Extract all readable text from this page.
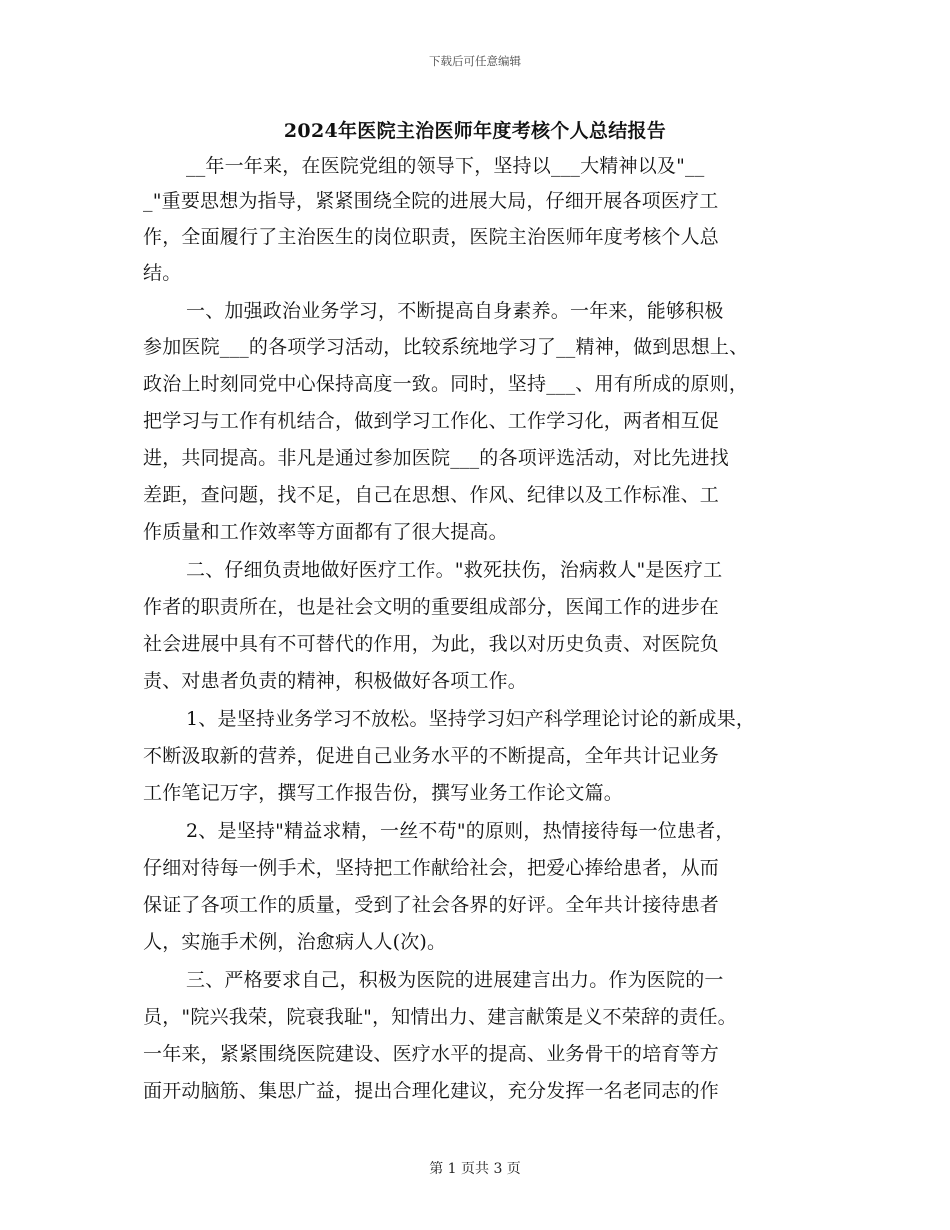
下载后可任意编辑
2024年医院主治医师年度考核个人总结报告
__年一年来，在医院党组的领导下，坚持以___大精神以及"__
_"重要思想为指导，紧紧围绕全院的进展大局，仔细开展各项医疗工
作，全面履行了主治医生的岗位职责，医院主治医师年度考核个人总
结。
一、加强政治业务学习，不断提高自身素养。一年来，能够积极
参加医院___的各项学习活动，比较系统地学习了__精神，做到思想上、
政治上时刻同党中心保持高度一致。同时，坚持___、用有所成的原则，
把学习与工作有机结合，做到学习工作化、工作学习化，两者相互促
进，共同提高。非凡是通过参加医院___的各项评选活动，对比先进找
差距，查问题，找不足，自己在思想、作风、纪律以及工作标准、工
作质量和工作效率等方面都有了很大提高。
二、仔细负责地做好医疗工作。"救死扶伤，治病救人"是医疗工
作者的职责所在，也是社会文明的重要组成部分，医闻工作的进步在
社会进展中具有不可替代的作用，为此，我以对历史负责、对医院负
责、对患者负责的精神，积极做好各项工作。
1、是坚持业务学习不放松。坚持学习妇产科学理论讨论的新成果，
不断汲取新的营养，促进自己业务水平的不断提高，全年共计记业务
工作笔记万字，撰写工作报告份，撰写业务工作论文篇。
2、是坚持"精益求精，一丝不苟"的原则，热情接待每一位患者，
仔细对待每一例手术，坚持把工作献给社会，把爱心捧给患者，从而
保证了各项工作的质量，受到了社会各界的好评。全年共计接待患者
人，实施手术例，治愈病人人(次)。
三、严格要求自己，积极为医院的进展建言出力。作为医院的一
员，"院兴我荣，院衰我耻"，知情出力、建言献策是义不荣辞的责任。
一年来，紧紧围绕医院建设、医疗水平的提高、业务骨干的培育等方
面开动脑筋、集思广益，提出合理化建议，充分发挥一名老同志的作
第 1 页共 3 页
